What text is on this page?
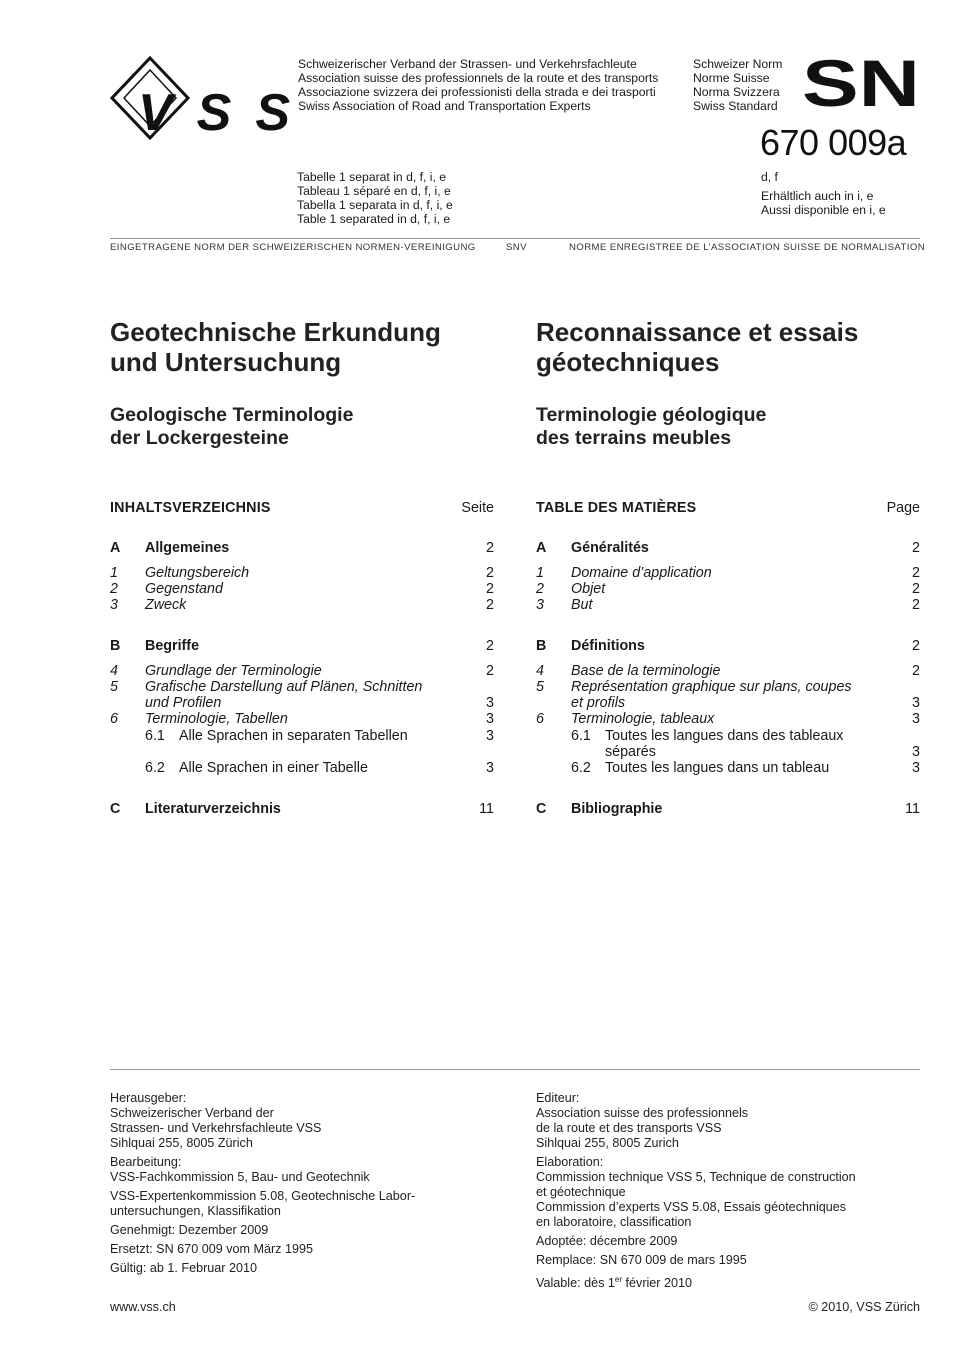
VSS
Schweizerischer Verband der Strassen- und Verkehrsfachleute
Association suisse des professionnels de la route et des transports
Associazione svizzera dei professionisti della strada e dei trasporti
Swiss Association of Road and Transportation Experts
Schweizer Norm
Norme Suisse
Norma Svizzera
Swiss Standard SN
670 009a
d, f
Erhältlich auch in i, e
Aussi disponible en i, e
Tabelle 1 separat in d, f, i, e
Tableau 1 séparé en d, f, i, e
Tabella 1 separata in d, f, i, e
Table 1 separated in d, f, i, e
EINGETRAGENE NORM DER SCHWEIZERISCHEN NORMEN-VEREINIGUNG	SNV	NORME ENREGISTREE DE L’ASSOCIATION SUISSE DE NORMALISATION
Geotechnische Erkundung
und Untersuchung
Geologische Terminologie
der Lockergesteine
Reconnaissance et essais
géotechniques
Terminologie géologique
des terrains meubles
INHALTSVERZEICHNIS	Seite
A	Allgemeines	2
1	Geltungsbereich	2
2	Gegenstand	2
3	Zweck	2
B	Begriffe	2
4	Grundlage der Terminologie	2
5	Grafische Darstellung auf Plänen, Schnitten
und Profilen	3
6	Terminologie, Tabellen	3
6.1 Alle Sprachen in separaten Tabellen	3
6.2 Alle Sprachen in einer Tabelle	3
C	Literaturverzeichnis	11
TABLE DES MATIÈRES	Page
A	Généralités	2
1	Domaine d’application	2
2	Objet	2
3	But	2
B	Définitions	2
4	Base de la terminologie	2
5	Représentation graphique sur plans, coupes
et profils	3
6	Terminologie, tableaux	3
6.1 Toutes les langues dans des tableaux
séparés	3
6.2 Toutes les langues dans un tableau	3
C	Bibliographie	11

Herausgeber:
Schweizerischer Verband der
Strassen- und Verkehrsfachleute VSS
Sihlquai 255, 8005 Zürich

Bearbeitung:
VSS-Fachkommission 5, Bau- und Geotechnik

VSS-Expertenkommission 5.08, Geotechnische Labor-
untersuchungen, Klassifikation

Genehmigt: Dezember 2009

Ersetzt: SN 670 009 vom März 1995

Gültig: ab 1. Februar 2010

www.vss.ch

Editeur:
Association suisse des professionnels
de la route et des transports VSS
Sihlquai 255, 8005 Zurich

Elaboration:
Commission technique VSS 5, Technique de construction
et géotechnique
Commission d’experts VSS 5.08, Essais géotechniques
en laboratoire, classification

Adoptée: décembre 2009

Remplace: SN 670 009 de mars 1995

Valable: dès 1er février 2010

© 2010, VSS Zürich
